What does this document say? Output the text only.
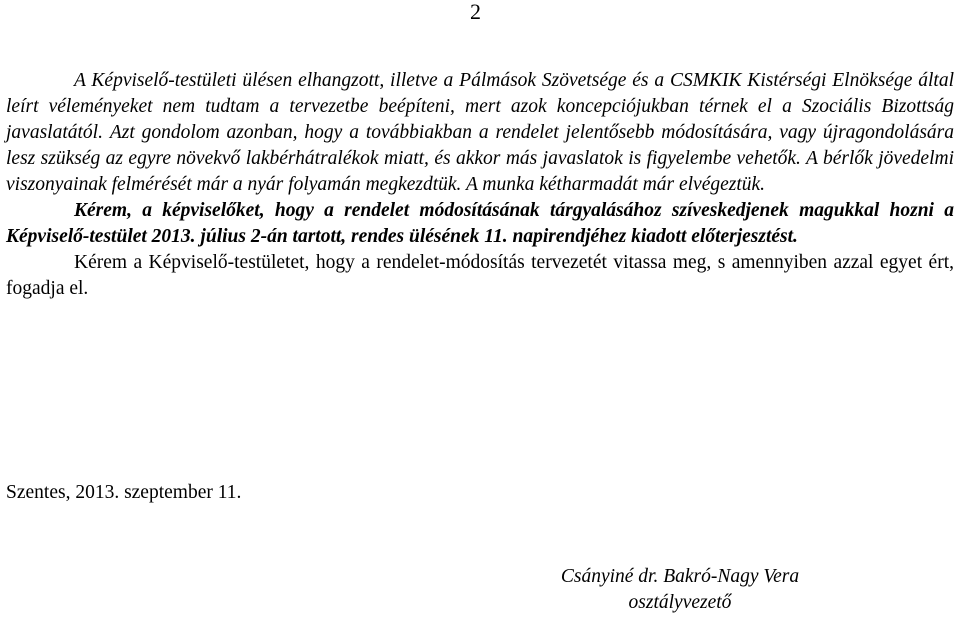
2

A Képviselő-testületi ülésen elhangzott, illetve a Pálmások Szövetsége és a CSMKIK Kistérségi Elnöksége által leírt véleményeket nem tudtam a tervezetbe beépíteni, mert azok koncepciójukban térnek el a Szociális Bizottság javaslatától. Azt gondolom azonban, hogy a továbbiakban a rendelet jelentősebb módosítására, vagy újragondolására lesz szükség az egyre növekvő lakbérhátralékok miatt, és akkor más javaslatok is figyelembe vehetők. A bérlők jövedelmi viszonyainak felmérését már a nyár folyamán megkezdtük. A munka kétharmadát már elvégeztük.

Kérem, a képviselőket, hogy a rendelet módosításának tárgyalásához szíveskedjenek magukkal hozni a Képviselő-testület 2013. július 2-án tartott, rendes ülésének 11. napirendjéhez kiadott előterjesztést.

Kérem a Képviselő-testületet, hogy a rendelet-módosítás tervezetét vitassa meg, s amennyiben azzal egyet ért, fogadja el.

Szentes, 2013. szeptember 11.
Csányiné dr. Bakró-Nagy Vera
osztályvezető
